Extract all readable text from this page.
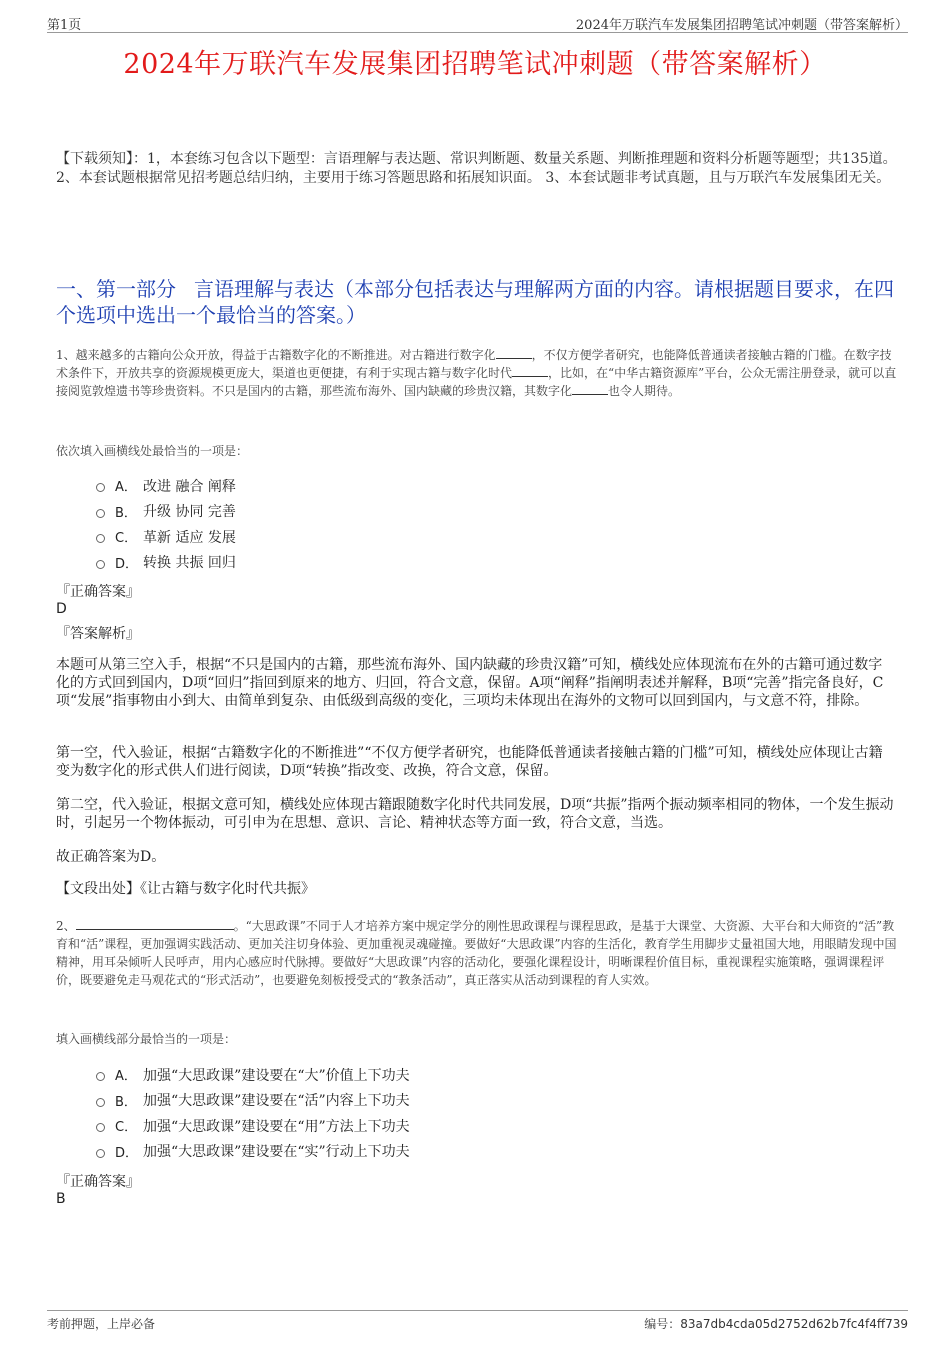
第1页	2024年万联汽车发展集团招聘笔试冲刺题（带答案解析）
2024年万联汽车发展集团招聘笔试冲刺题（带答案解析）
【下载须知】：1，本套练习包含以下题型：言语理解与表达题、常识判断题、数量关系题、判断推理题和资料分析题等题型；共135道。 2、本套试题根据常见招考题总结归纳，主要用于练习答题思路和拓展知识面。 3、本套试题非考试真题，且与万联汽车发展集团无关。
一、第一部分 言语理解与表达（本部分包括表达与理解两方面的内容。请根据题目要求，在四个选项中选出一个最恰当的答案。）
1、越来越多的古籍向公众开放，得益于古籍数字化的不断推进。对古籍进行数字化	，不仅方便学者研究，也能降低普通读者接触古籍的门槛。在数字技术条件下，开放共享的资源规模更庞大，渠道也更便捷，有利于实现古籍与数字化时代	，比如，在“中华古籍资源库”平台，公众无需注册登录，就可以直接阅览敦煌遗书等珍贵资料。不只是国内的古籍，那些流布海外、国内缺藏的珍贵汉籍，其数字化	也令人期待。
依次填入画横线处最恰当的一项是：
A． 改进 融合 阐释
B． 升级 协同 完善
C． 革新 适应 发展
D． 转换 共振 回归
『正确答案』
D
『答案解析』
本题可从第三空入手，根据“不只是国内的古籍，那些流布海外、国内缺藏的珍贵汉籍”可知，横线处应体现流布在外的古籍可通过数字化的方式回到国内，D项“回归”指回到原来的地方、归回，符合文意，保留。A项“阐释”指阐明表述并解释，B项“完善”指完备良好，C项“发展”指事物由小到大、由简单到复杂、由低级到高级的变化，三项均未体现出在海外的文物可以回到国内，与文意不符，排除。
第一空，代入验证，根据“古籍数字化的不断推进”“不仅方便学者研究，也能降低普通读者接触古籍的门槛”可知，横线处应体现让古籍变为数字化的形式供人们进行阅读，D项“转换”指改变、改换，符合文意，保留。
第二空，代入验证，根据文意可知，横线处应体现古籍跟随数字化时代共同发展，D项“共振”指两个振动频率相同的物体，一个发生振动时，引起另一个物体振动，可引申为在思想、意识、言论、精神状态等方面一致，符合文意，当选。
故正确答案为D。
【文段出处】《让古籍与数字化时代共振》
2、	。“大思政课”不同于人才培养方案中规定学分的刚性思政课程与课程思政，是基于大课堂、大资源、大平台和大师资的“活”教育和“活”课程，更加强调实践活动、更加关注切身体验、更加重视灵魂碰撞。要做好“大思政课”内容的生活化，教育学生用脚步丈量祖国大地，用眼睛发现中国精神，用耳朵倾听人民呼声，用内心感应时代脉搏。要做好“大思政课”内容的活动化，要强化课程设计，明晰课程价值目标，重视课程实施策略，强调课程评价，既要避免走马观花式的“形式活动”，也要避免刻板授受式的“教条活动”，真正落实从活动到课程的育人实效。
填入画横线部分最恰当的一项是：
A． 加强“大思政课”建设要在“大”价值上下功夫
B． 加强“大思政课”建设要在“活”内容上下功夫
C． 加强“大思政课”建设要在“用”方法上下功夫
D． 加强“大思政课”建设要在“实”行动上下功夫
『正确答案』
B
考前押题，上岸必备	编号：83a7db4cda05d2752d62b7fc4f4ff739
